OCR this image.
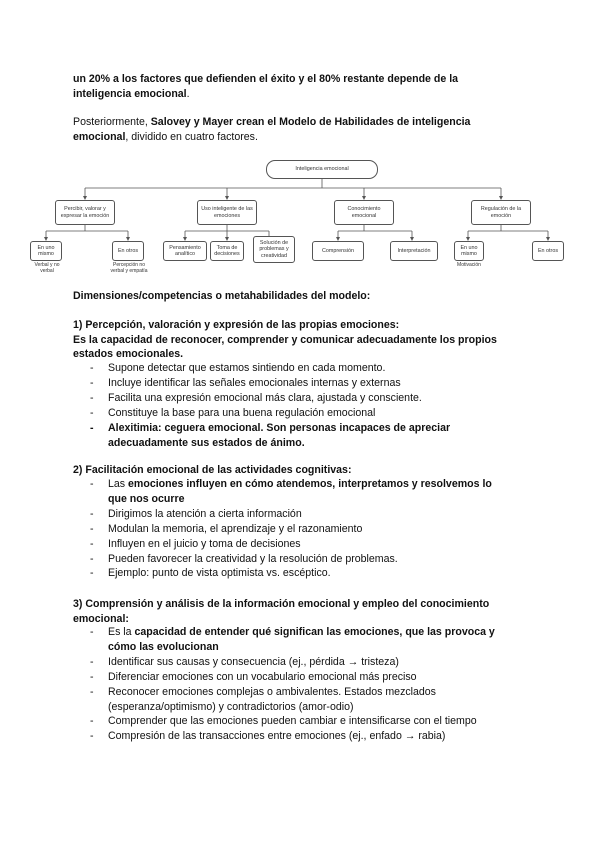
un 20% a los factores que defienden el éxito y el 80% restante depende de la

inteligencia emocional.

Posteriormente, Salovey y Mayer crean el Modelo de Habilidades de inteligencia

emocional, dividido en cuatro factores.

Inteligencia emocional
Percibir, valorar y expresar la emoción
Uso inteligente de las emociones
Conocimiento emocional
Regulación de la emoción
En uno mismo
En otros
Verbal y no verbal
Percepción no verbal y empatía
Pensamiento analítico
Toma de decisiones
Solución de problemas y creatividad
Comprensión	Interpretación
En uno mismo
En otros
Motivación

Dimensiones/competencias o metahabilidades del modelo:

1) Percepción, valoración y expresión de las propias emociones:

Es la capacidad de reconocer, comprender y comunicar adecuadamente los propios

estados emocionales.

- Supone detectar que estamos sintiendo en cada momento.
- Incluye identificar las señales emocionales internas y externas
- Facilita una expresión emocional más clara, ajustada y consciente.
- Constituye la base para una buena regulación emocional
- Alexitimia: ceguera emocional. Son personas incapaces de apreciar
adecuadamente sus estados de ánimo.

2) Facilitación emocional de las actividades cognitivas:

- Las emociones influyen en cómo atendemos, interpretamos y resolvemos lo
que nos ocurre
- Dirigimos la atención a cierta información
- Modulan la memoria, el aprendizaje y el razonamiento
- Influyen en el juicio y toma de decisiones
- Pueden favorecer la creatividad y la resolución de problemas.
- Ejemplo: punto de vista optimista vs. escéptico.

3) Comprensión y análisis de la información emocional y empleo del conocimiento

emocional:

- Es la capacidad de entender qué significan las emociones, que las provoca y
cómo las evolucionan
- Identificar sus causas y consecuencia (ej., pérdida → tristeza)
- Diferenciar emociones con un vocabulario emocional más preciso
- Reconocer emociones complejas o ambivalentes. Estados mezclados
(esperanza/optimismo) y contradictorios (amor-odio)
- Comprender que las emociones pueden cambiar e intensificarse con el tiempo
- Compresión de las transacciones entre emociones (ej., enfado → rabia)
